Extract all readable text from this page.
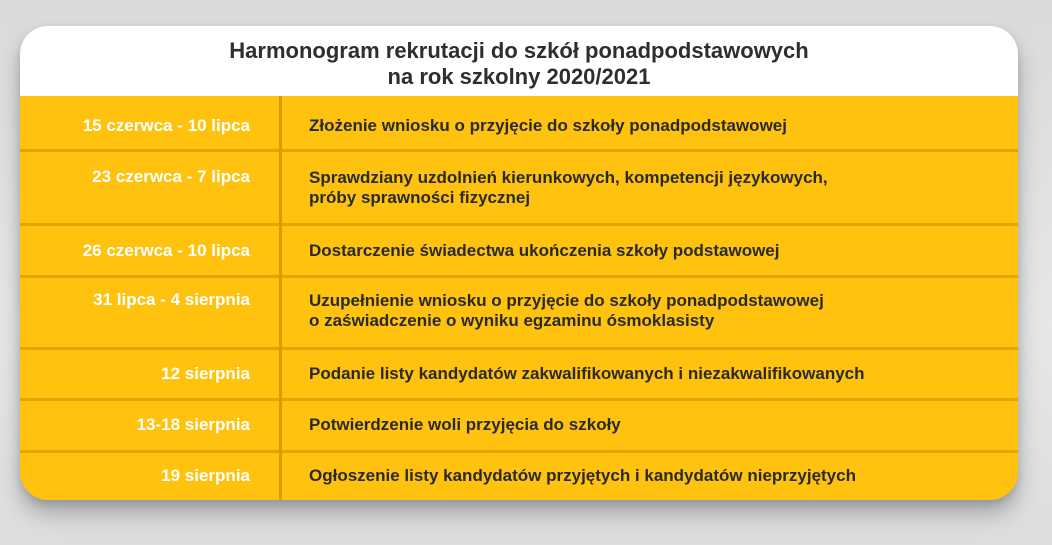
Harmonogram rekrutacji do szkół ponadpodstawowych
na rok szkolny 2020/2021
15 czerwca - 10 lipca	Złożenie wniosku o przyjęcie do szkoły ponadpodstawowej
23 czerwca - 7 lipca	Sprawdziany uzdolnień kierunkowych, kompetencji językowych,
próby sprawności fizycznej
26 czerwca - 10 lipca	Dostarczenie świadectwa ukończenia szkoły podstawowej
31 lipca - 4 sierpnia	Uzupełnienie wniosku o przyjęcie do szkoły ponadpodstawowej
o zaświadczenie o wyniku egzaminu ósmoklasisty
12 sierpnia	Podanie listy kandydatów zakwalifikowanych i niezakwalifikowanych
13-18 sierpnia	Potwierdzenie woli przyjęcia do szkoły
19 sierpnia	Ogłoszenie listy kandydatów przyjętych i kandydatów nieprzyjętych
